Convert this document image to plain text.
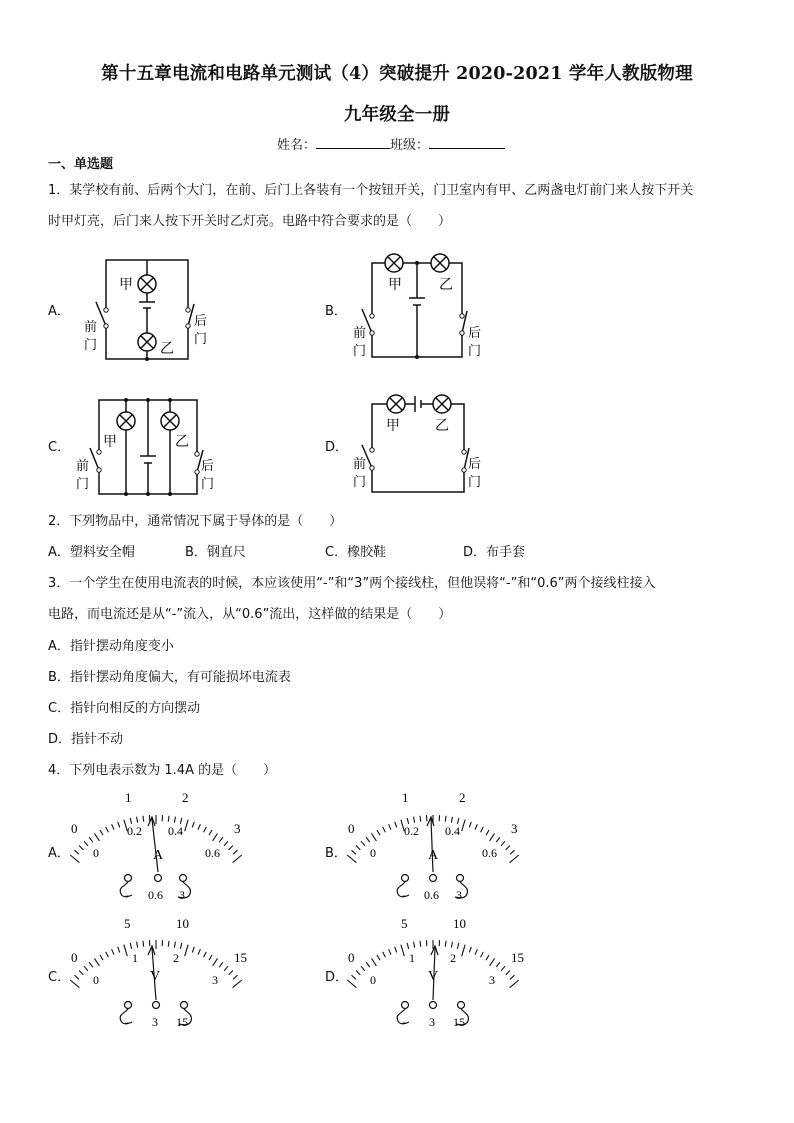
第十五章电流和电路单元测试（4）突破提升 2020-2021 学年人教版物理
九年级全一册
姓名：	班级：
一、单选题
1．某学校有前、后两个大门，在前、后门上各装有一个按钮开关，门卫室内有甲、乙两盏电灯前门来人按下开关
时甲灯亮，后门来人按下开关时乙灯亮。电路中符合要求的是（　　）
A．
甲
乙
前
门
后
门
B．
甲	乙
前
门
后
门
C． 甲	乙
前
门
后
门
D．
甲	乙
前
门
后
门
2．下列物品中，通常情况下属于导体的是（　　）
A．塑料安全帽	B．钢直尺	C．橡胶鞋	D．布手套
3．一个学生在使用电流表的时候，本应该使用“-”和“3”两个接线柱，但他误将“-”和“0.6”两个接线柱接入
电路，而电流还是从“-”流入，从“0.6”流出，这样做的结果是（　　）
A．指针摆动角度变小
B．指针摆动角度偏大，有可能损坏电流表
C．指针向相反的方向摆动
D．指针不动
4．下列电表示数为 1.4A 的是（　　）
A．
0
1	2
3
0
0.2 0.4
0.6
A
- 0.6 3
B．
0
1	2
3
0
0.2 0.4
0.6
A
- 0.6 3
C．
0
5	10
15
0
1	2
3
V
- 3 15
D．
0
5	10
15
0
1	2
3
V
- 3 15
